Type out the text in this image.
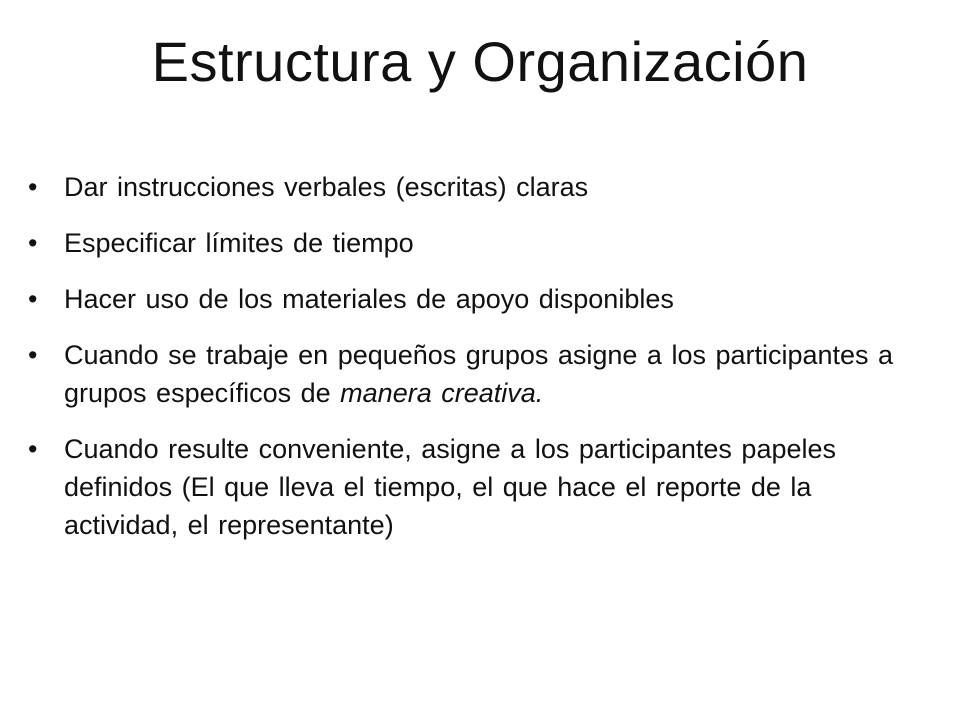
Estructura y Organización
• Dar instrucciones verbales (escritas) claras
• Especificar límites de tiempo
• Hacer uso de los materiales de apoyo disponibles
• Cuando se trabaje en pequeños grupos asigne a los participantes a grupos específicos de manera creativa.
• Cuando resulte conveniente, asigne a los participantes papeles definidos (El que lleva el tiempo, el que hace el reporte de la actividad, el representante)
